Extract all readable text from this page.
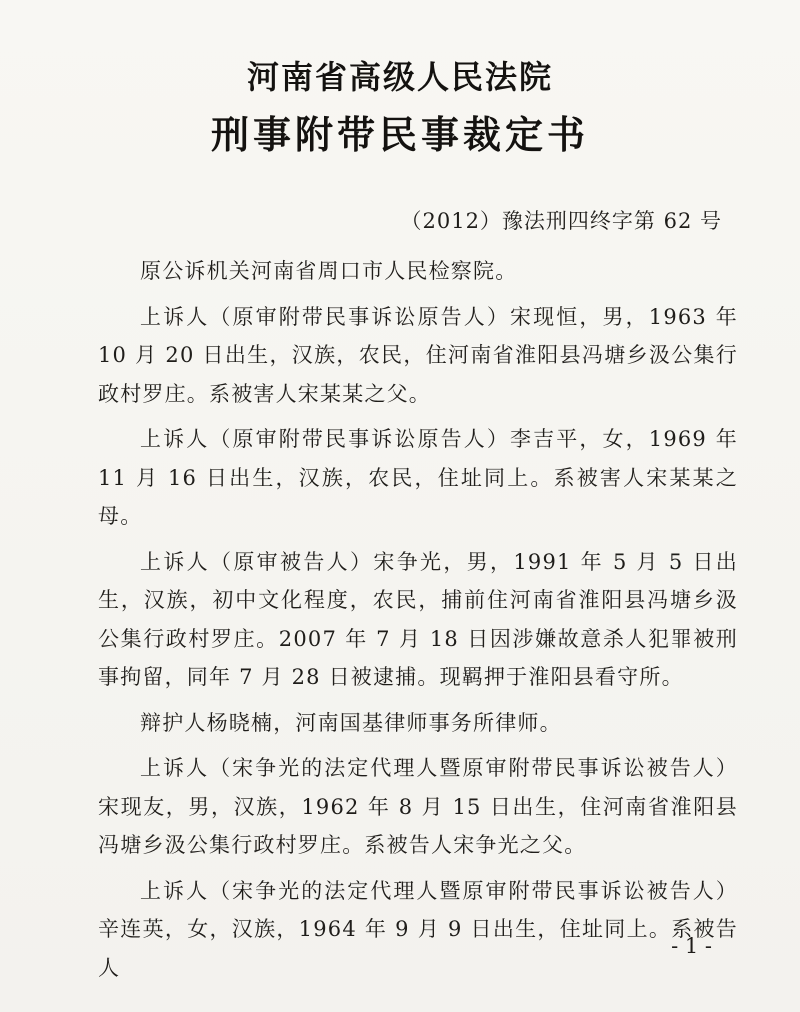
河南省高级人民法院
刑事附带民事裁定书
（2012）豫法刑四终字第 62 号

原公诉机关河南省周口市人民检察院。

上诉人（原审附带民事诉讼原告人）宋现恒，男，1963 年 10 月 20 日出生，汉族，农民，住河南省淮阳县冯塘乡汲公集行政村罗庄。系被害人宋某某之父。

上诉人（原审附带民事诉讼原告人）李吉平，女，1969 年 11 月 16 日出生，汉族，农民，住址同上。系被害人宋某某之母。

上诉人（原审被告人）宋争光，男，1991 年 5 月 5 日出生，汉族，初中文化程度，农民，捕前住河南省淮阳县冯塘乡汲公集行政村罗庄。2007 年 7 月 18 日因涉嫌故意杀人犯罪被刑事拘留，同年 7 月 28 日被逮捕。现羁押于淮阳县看守所。

辩护人杨晓楠，河南国基律师事务所律师。

上诉人（宋争光的法定代理人暨原审附带民事诉讼被告人）宋现友，男，汉族，1962 年 8 月 15 日出生，住河南省淮阳县冯塘乡汲公集行政村罗庄。系被告人宋争光之父。

上诉人（宋争光的法定代理人暨原审附带民事诉讼被告人）辛连英，女，汉族，1964 年 9 月 9 日出生，住址同上。系被告人

- 1 -
